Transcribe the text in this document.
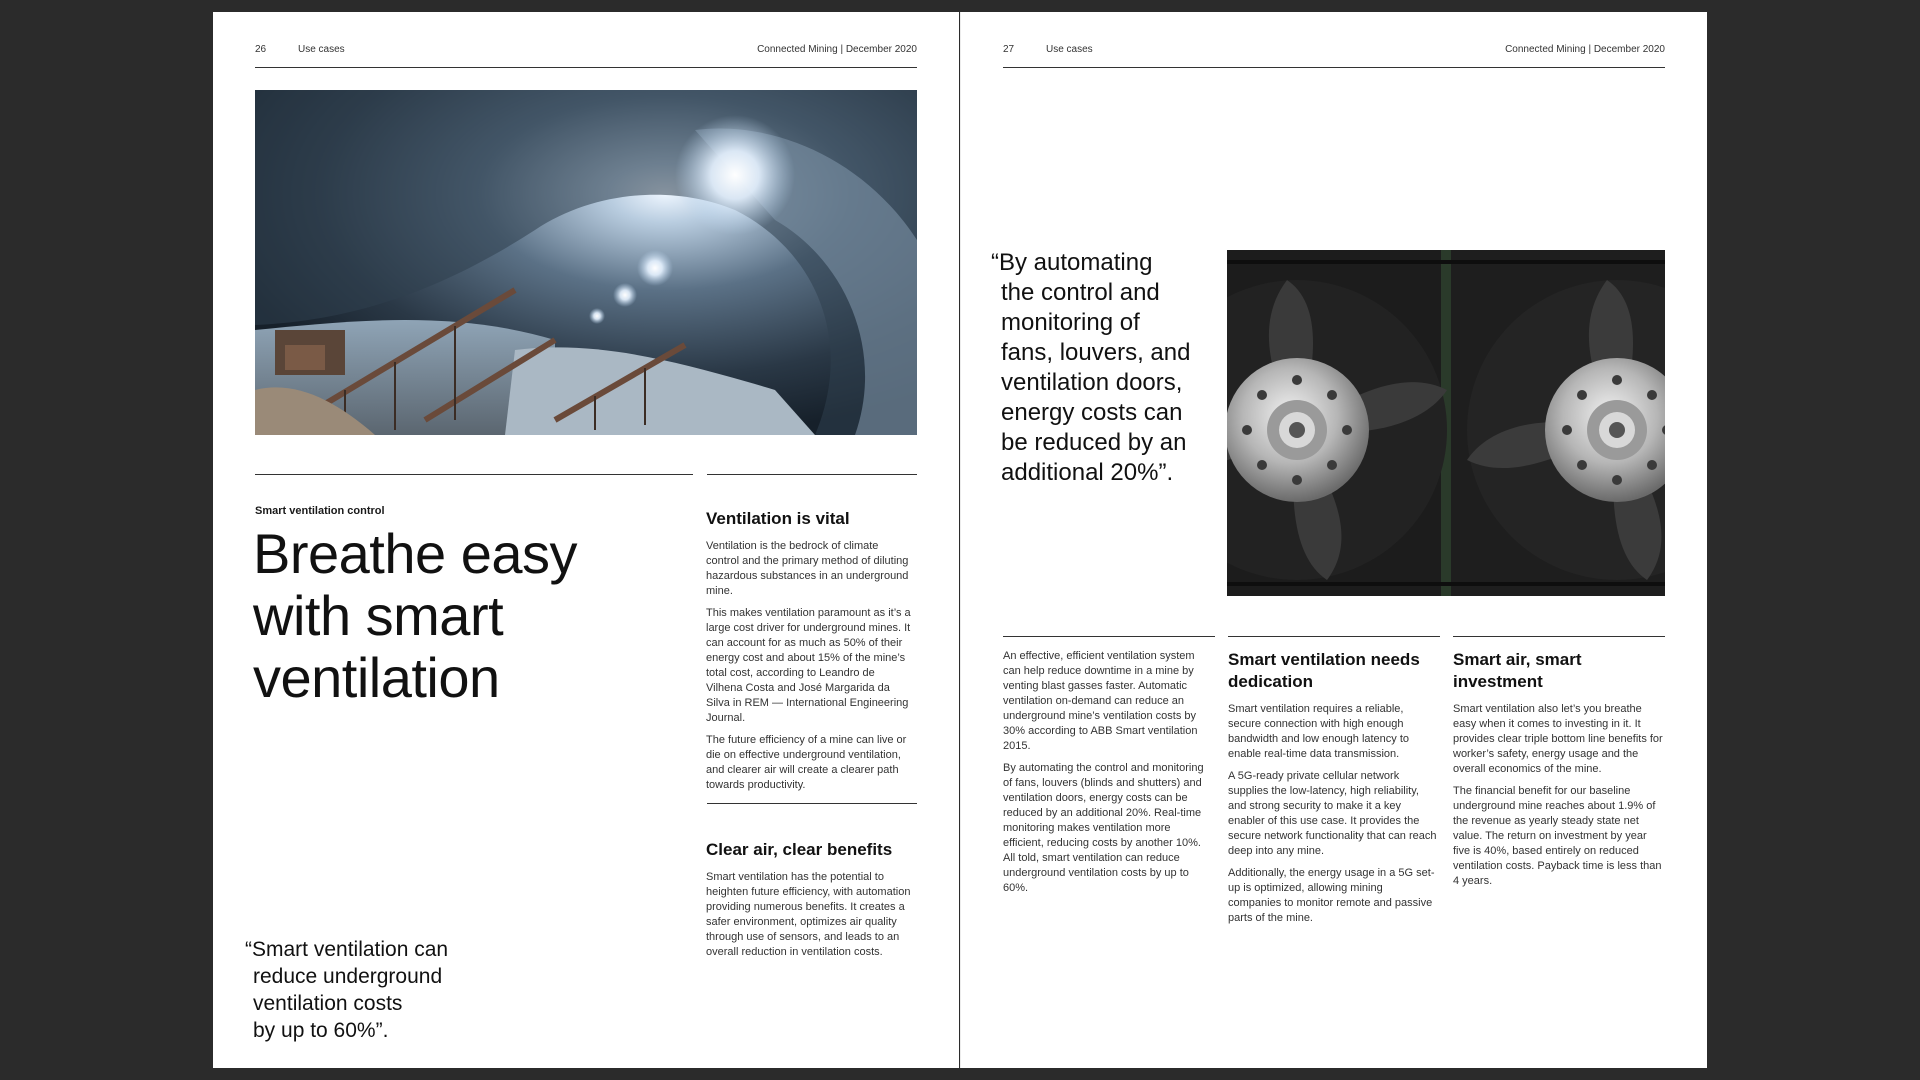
26	Use cases	Connected Mining | December 2020
Smart ventilation control
Breathe easy
with smart
ventilation
“Smart ventilation can
reduce underground
ventilation costs
by up to 60%”.
Ventilation is vital

Ventilation is the bedrock of climate control and the primary method of diluting hazardous substances in an underground mine.

This makes ventilation paramount as it’s a large cost driver for underground mines. It can account for as much as 50% of their energy cost and about 15% of the mine’s total cost, according to Leandro de Vilhena Costa and José Margarida da Silva in REM — International Engineering Journal.

The future efficiency of a mine can live or die on effective underground ventilation, and clearer air will create a clearer path towards productivity.

Clear air, clear benefits

Smart ventilation has the potential to heighten future efficiency, with automation providing numerous benefits. It creates a safer environment, optimizes air quality through use of sensors, and leads to an overall reduction in ventilation costs.

27	Use cases	Connected Mining | December 2020
“By automating
the control and
monitoring of
fans, louvers, and
ventilation doors,
energy costs can
be reduced by an
additional 20%”.

An effective, efficient ventilation system can help reduce downtime in a mine by venting blast gasses faster. Automatic ventilation on-demand can reduce an underground mine’s ventilation costs by 30% according to ABB Smart ventilation 2015.

By automating the control and monitoring of fans, louvers (blinds and shutters) and ventilation doors, energy costs can be reduced by an additional 20%. Real-time monitoring makes ventilation more efficient, reducing costs by another 10%. All told, smart ventilation can reduce underground ventilation costs by up to 60%.

Smart ventilation needs dedication

Smart ventilation requires a reliable, secure connection with high enough bandwidth and low enough latency to enable real-time data transmission.

A 5G-ready private cellular network supplies the low-latency, high reliability, and strong security to make it a key enabler of this use case. It provides the secure network functionality that can reach deep into any mine.

Additionally, the energy usage in a 5G set-up is optimized, allowing mining companies to monitor remote and passive parts of the mine.

Smart air, smart investment

Smart ventilation also let’s you breathe easy when it comes to investing in it. It provides clear triple bottom line benefits for worker’s safety, energy usage and the overall economics of the mine.

The financial benefit for our baseline underground mine reaches about 1.9% of the revenue as yearly steady state net value. The return on investment by year five is 40%, based entirely on reduced ventilation costs. Payback time is less than 4 years.
